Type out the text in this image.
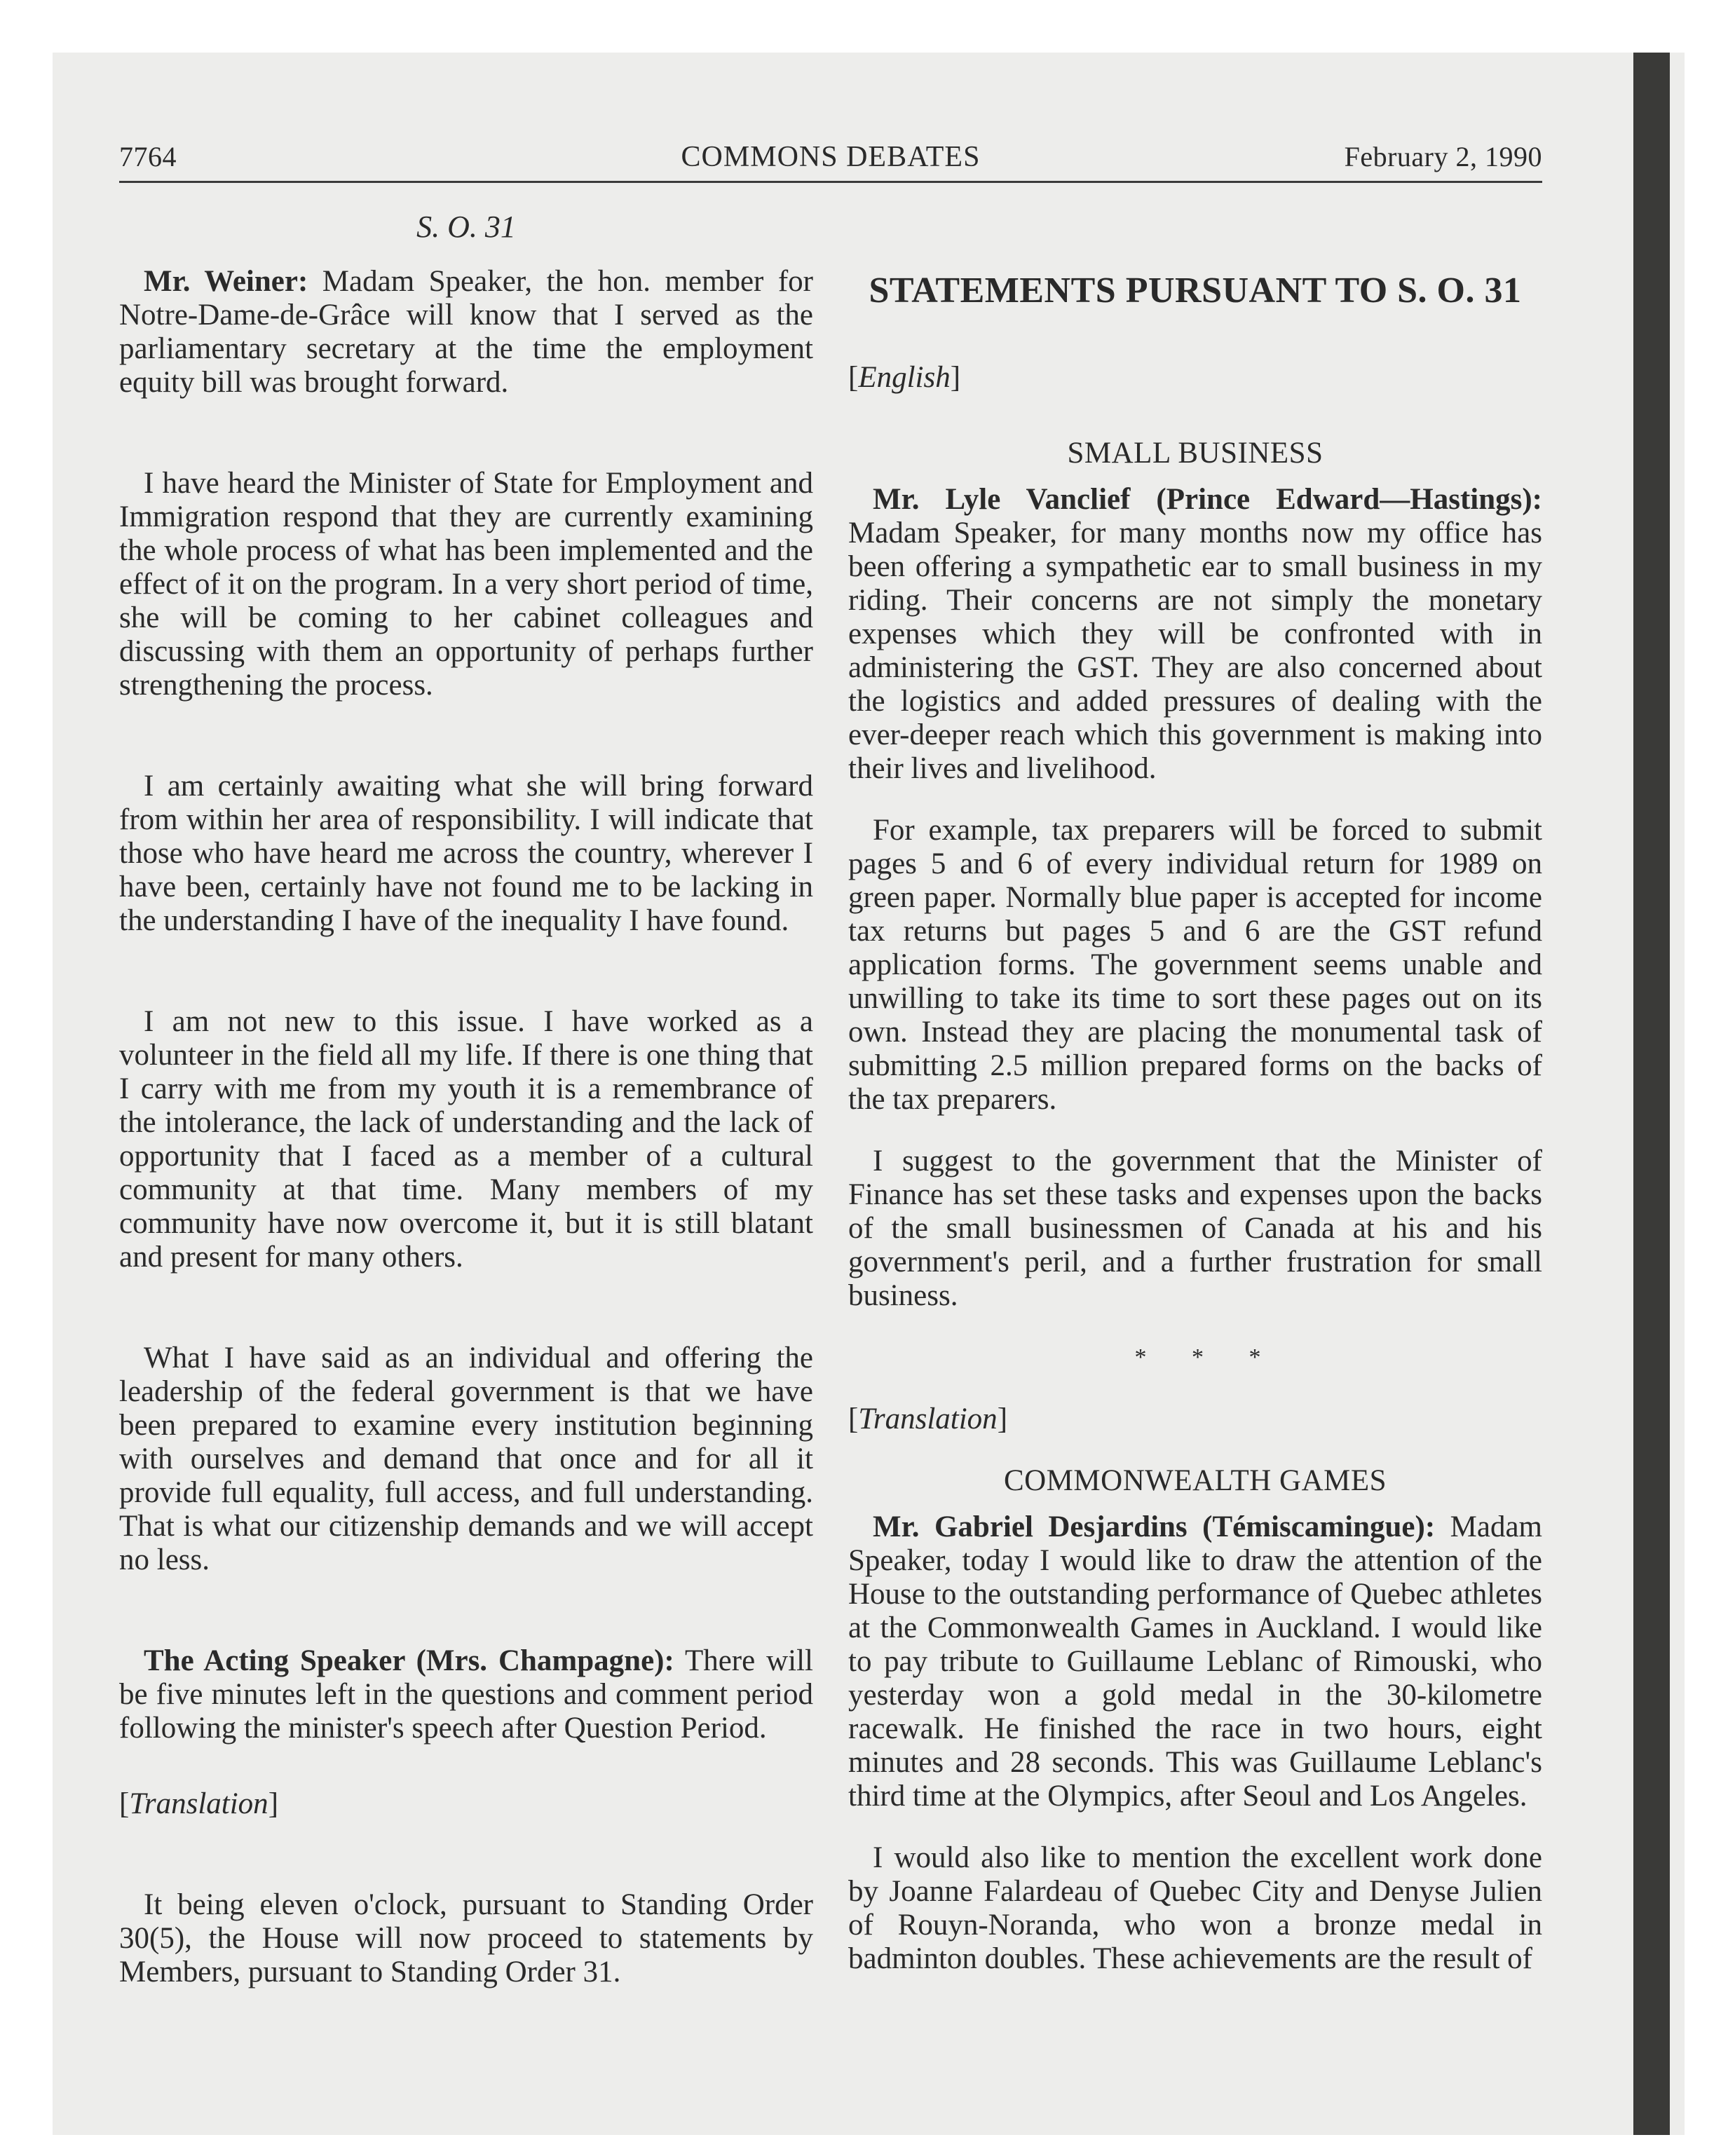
7764	COMMONS DEBATES	February 2, 1990

S. O. 31

Mr. Weiner: Madam Speaker, the hon. member for Notre-Dame-de-Grâce will know that I served as the parliamentary secretary at the time the employment equity bill was brought forward.

I have heard the Minister of State for Employment and Immigration respond that they are currently examining the whole process of what has been implemented and the effect of it on the program. In a very short period of time, she will be coming to her cabinet colleagues and discussing with them an opportunity of perhaps further strengthening the process.

I am certainly awaiting what she will bring forward from within her area of responsibility. I will indicate that those who have heard me across the country, wherever I have been, certainly have not found me to be lacking in the understanding I have of the inequality I have found.

I am not new to this issue. I have worked as a volunteer in the field all my life. If there is one thing that I carry with me from my youth it is a remembrance of the intolerance, the lack of understanding and the lack of opportunity that I faced as a member of a cultural community at that time. Many members of my community have now overcome it, but it is still blatant and present for many others.

What I have said as an individual and offering the leadership of the federal government is that we have been prepared to examine every institution beginning with ourselves and demand that once and for all it provide full equality, full access, and full understanding. That is what our citizenship demands and we will accept no less.

The Acting Speaker (Mrs. Champagne): There will be five minutes left in the questions and comment period following the minister's speech after Question Period.

[Translation]

It being eleven o'clock, pursuant to Standing Order 30(5), the House will now proceed to statements by Members, pursuant to Standing Order 31.

STATEMENTS PURSUANT TO S. O. 31

[English]

SMALL BUSINESS

Mr. Lyle Vanclief (Prince Edward—Hastings): Madam Speaker, for many months now my office has been offering a sympathetic ear to small business in my riding. Their concerns are not simply the monetary expenses which they will be confronted with in administering the GST. They are also concerned about the logistics and added pressures of dealing with the ever-deeper reach which this government is making into their lives and livelihood.

For example, tax preparers will be forced to submit pages 5 and 6 of every individual return for 1989 on green paper. Normally blue paper is accepted for income tax returns but pages 5 and 6 are the GST refund application forms. The government seems unable and unwilling to take its time to sort these pages out on its own. Instead they are placing the monumental task of submitting 2.5 million prepared forms on the backs of the tax preparers.

I suggest to the government that the Minister of Finance has set these tasks and expenses upon the backs of the small businessmen of Canada at his and his government's peril, and a further frustration for small business.

* * *

[Translation]

COMMONWEALTH GAMES

Mr. Gabriel Desjardins (Témiscamingue): Madam Speaker, today I would like to draw the attention of the House to the outstanding performance of Quebec athletes at the Commonwealth Games in Auckland. I would like to pay tribute to Guillaume Leblanc of Rimouski, who yesterday won a gold medal in the 30-kilometre racewalk. He finished the race in two hours, eight minutes and 28 seconds. This was Guillaume Leblanc's third time at the Olympics, after Seoul and Los Angeles.

I would also like to mention the excellent work done by Joanne Falardeau of Quebec City and Denyse Julien of Rouyn-Noranda, who won a bronze medal in badminton doubles. These achievements are the result of
